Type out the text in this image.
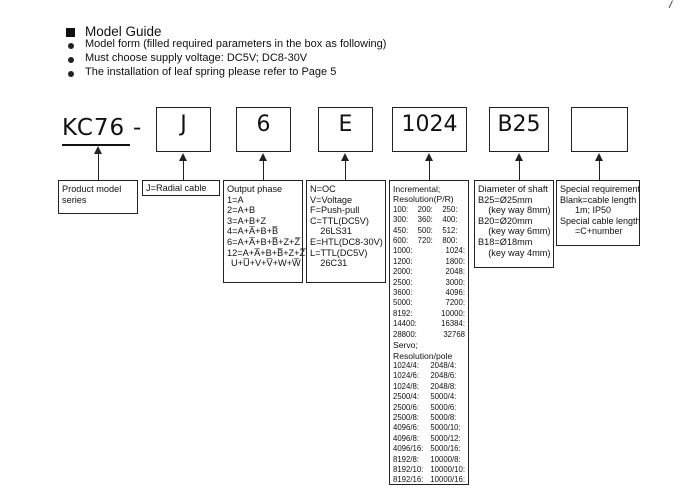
/
Model Guide
Model form (filled required parameters in the box as following)
Must choose supply voltage: DC5V; DC8-30V
The installation of leaf spring please refer to Page 5
KC76 - J	6	E 1024 B25
Product model
series
J=Radial cable	Output phase
1=A
2=A+B
3=A+B+Z
4=A+A̅+B+B̅
6=A+A̅+B+B̅+Z+Z̅
12=A+A̅+B+B̅+Z+Z̅
U+U̅+V+V̅+W+W̅
N=OC
V=Voltage
F=Push-pull
C=TTL(DC5V)
26LS31
E=HTL(DC8-30V)
L=TTL(DC5V)
26C31
Incremental;
Resolution(P/R)
100:	200:	250:
300:	360:	400:
450:	500:	512:
600:	720:	800:
1000:	1024:
1200:	1800:
2000:	2048:
2500:	3000:
3600:	4096:
5000:	7200:
8192:	10000:
14400:	16384:
28800:	32768
Servo;
Resolution/pole
1024/4:	2048/4:
1024/6:	2048/6:
1024/8:	2048/8:
2500/4:	5000/4:
2500/6:	5000/6:
2500/8:	5000/8:
4096/6:	5000/10:
4096/8:	5000/12:
4096/16: 5000/16:
8192/8:	10000/8:
8192/10: 10000/10:
8192/16: 10000/16:
Diameter of shaft
B25=Ø25mm
(key way 8mm)
B20=Ø20mm
(key way 6mm)
B18=Ø18mm
(key way 4mm)
Special requirement
Blank=cable length
1m; IP50
Special cable length
=C+number
